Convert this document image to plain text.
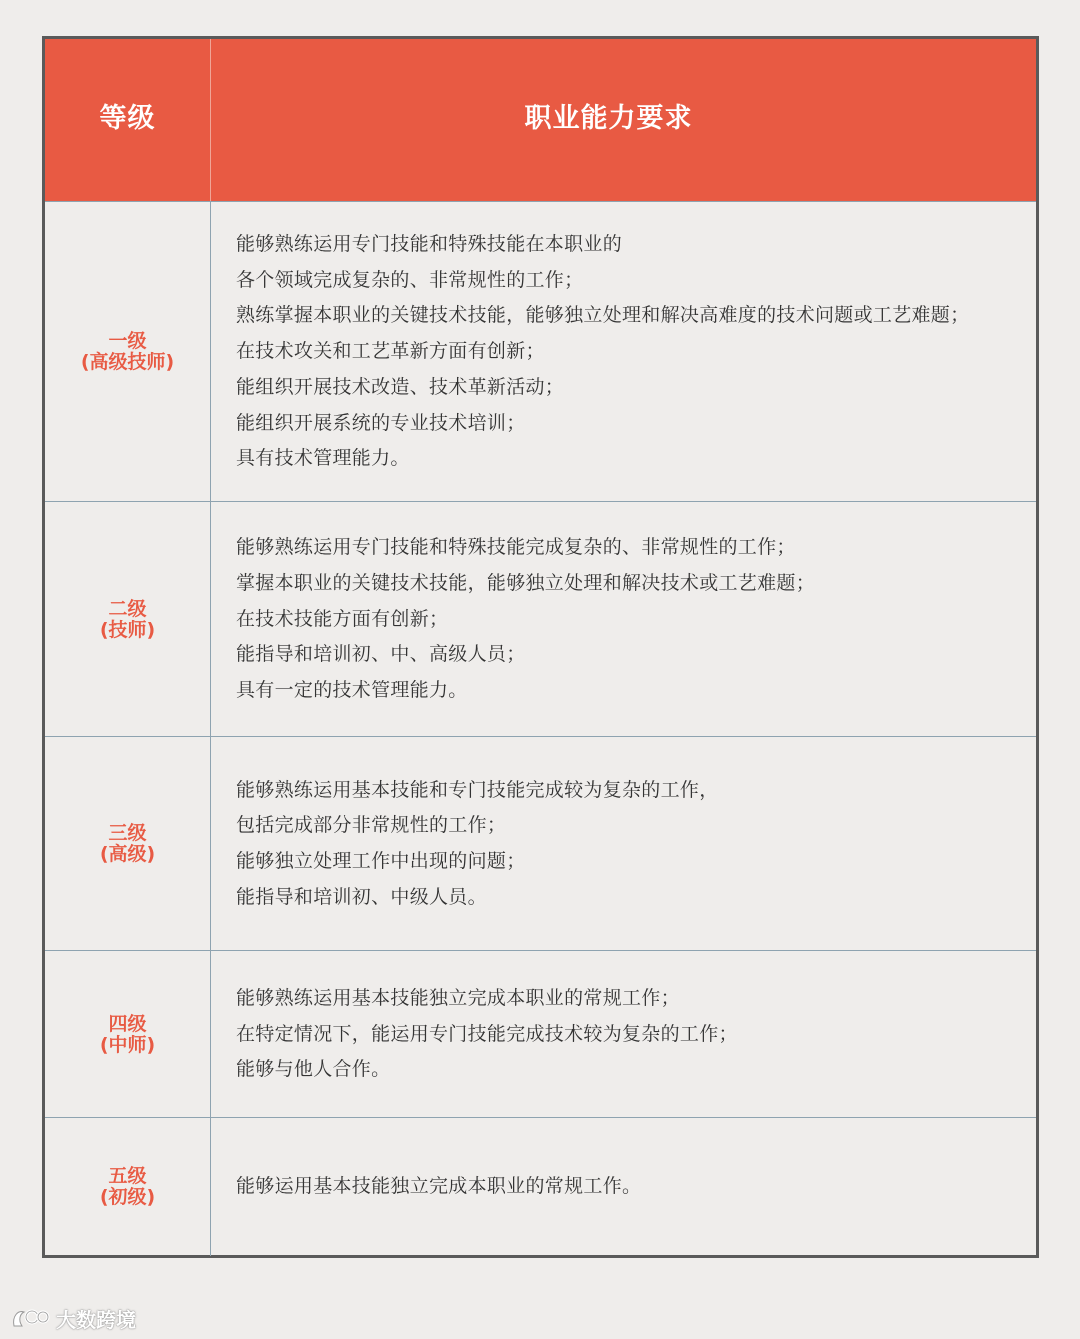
等级	职业能力要求
一级
(高级技师)
能够熟练运用专门技能和特殊技能在本职业的
各个领域完成复杂的、非常规性的工作；
熟练掌握本职业的关键技术技能，能够独立处理和解决高难度的技术问题或工艺难题；
在技术攻关和工艺革新方面有创新；
能组织开展技术改造、技术革新活动；
能组织开展系统的专业技术培训；
具有技术管理能力。
二级
(技师)
能够熟练运用专门技能和特殊技能完成复杂的、非常规性的工作；
掌握本职业的关键技术技能，能够独立处理和解决技术或工艺难题；
在技术技能方面有创新；
能指导和培训初、中、高级人员；
具有一定的技术管理能力。
三级
(高级)
能够熟练运用基本技能和专门技能完成较为复杂的工作，
包括完成部分非常规性的工作；
能够独立处理工作中出现的问题；
能指导和培训初、中级人员。
四级
(中师)
能够熟练运用基本技能独立完成本职业的常规工作；
在特定情况下，能运用专门技能完成技术较为复杂的工作；
能够与他人合作。
五级
(初级)	能够运用基本技能独立完成本职业的常规工作。
大数跨境
